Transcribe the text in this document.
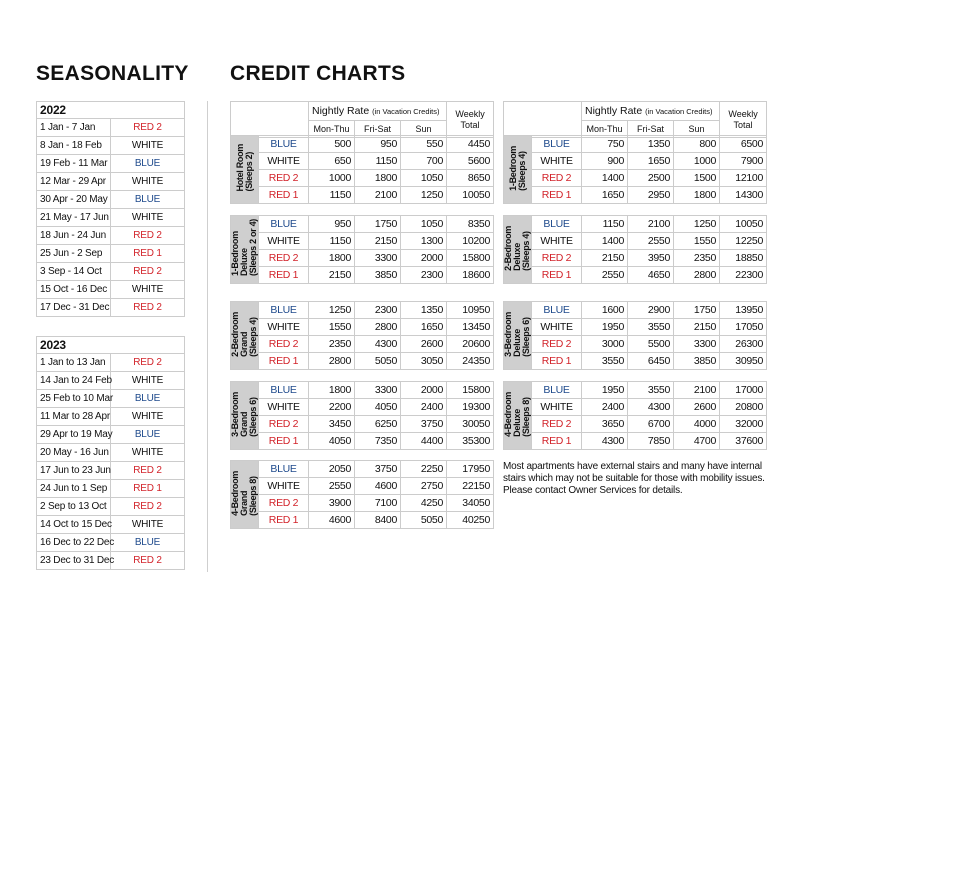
SEASONALITY CREDIT CHARTS
2022	
1 Jan - 7 Jan	RED 2
8 Jan - 18 Feb	WHITE
19 Feb - 11 Mar	BLUE
12 Mar - 29 Apr	WHITE
30 Apr - 20 May	BLUE
21 May - 17 Jun	WHITE
18 Jun - 24 Jun	RED 2
25 Jun - 2 Sep	RED 1
3 Sep - 14 Oct	RED 2
15 Oct - 16 Dec	WHITE
17 Dec - 31 Dec	RED 2
2023	
1 Jan to 13 Jan	RED 2
14 Jan to 24 Feb	WHITE
25 Feb to 10 Mar	BLUE
11 Mar to 28 Apr	WHITE
29 Apr to 19 May	BLUE
20 May - 16 Jun	WHITE
17 Jun to 23 Jun	RED 2
24 Jun to 1 Sep	RED 1
2 Sep to 13 Oct	RED 2
14 Oct to 15 Dec	WHITE
16 Dec to 22 Dec	BLUE
23 Dec to 31 Dec	RED 2
	Nightly Rate (in Vacation Credits)			Weekly Total
	Mon-Thu	Fri-Sat	Sun	
	Nightly Rate (in Vacation Credits)			Weekly Total
	Mon-Thu	Fri-Sat	Sun	
Hotel Room
(Sleeps 2)	BLUE	500	950	550	4450
	WHITE	650	1150	700	5600
	RED 2	1000	1800	1050	8650
	RED 1	1150	2100	1250	10050
1-Bedroom
(Sleeps 4)	BLUE	750	1350	800	6500
	WHITE	900	1650	1000	7900
	RED 2	1400	2500	1500	12100
	RED 1	1650	2950	1800	14300
1-Bedroom
Deluxe
(Sleeps 2 or 4)	BLUE	950	1750	1050	8350
	WHITE	1150	2150	1300	10200
	RED 2	1800	3300	2000	15800
	RED 1	2150	3850	2300	18600
2-Bedroom
Deluxe
(Sleeps 4)	BLUE	1150	2100	1250	10050
	WHITE	1400	2550	1550	12250
	RED 2	2150	3950	2350	18850
	RED 1	2550	4650	2800	22300
2-Bedroom
Grand
(Sleeps 4)	BLUE	1250	2300	1350	10950
	WHITE	1550	2800	1650	13450
	RED 2	2350	4300	2600	20600
	RED 1	2800	5050	3050	24350
3-Bedroom
Deluxe
(Sleeps 6)	BLUE	1600	2900	1750	13950
	WHITE	1950	3550	2150	17050
	RED 2	3000	5500	3300	26300
	RED 1	3550	6450	3850	30950
3-Bedroom
Grand
(Sleeps 6)	BLUE	1800	3300	2000	15800
	WHITE	2200	4050	2400	19300
	RED 2	3450	6250	3750	30050
	RED 1	4050	7350	4400	35300
4-Bedroom
Deluxe
(Sleeps 8)	BLUE	1950	3550	2100	17000
	WHITE	2400	4300	2600	20800
	RED 2	3650	6700	4000	32000
	RED 1	4300	7850	4700	37600
4-Bedroom
Grand
(Sleeps 8)	BLUE	2050	3750	2250	17950
	WHITE	2550	4600	2750	22150
	RED 2	3900	7100	4250	34050
	RED 1	4600	8400	5050	40250

Most apartments have external stairs and many have internal stairs which may not be suitable for those with mobility issues. Please contact Owner Services for details.
